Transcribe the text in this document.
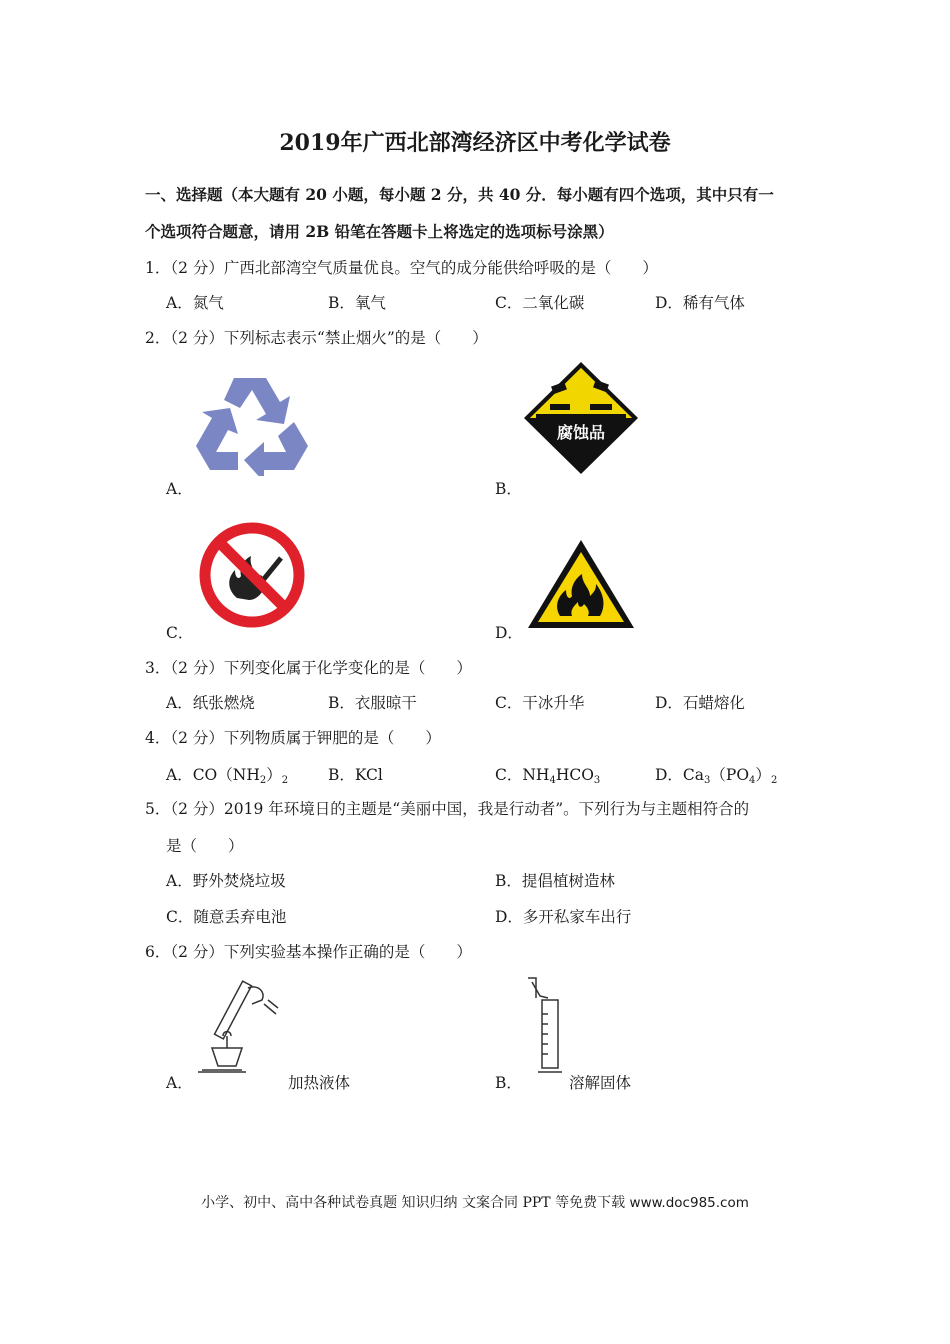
2019年广西北部湾经济区中考化学试卷
一、选择题（本大题有 20 小题，每小题 2 分，共 40 分．每小题有四个选项，其中只有一
个选项符合题意，请用 2B 铅笔在答题卡上将选定的选项标号涂黑）
1．（2 分）广西北部湾空气质量优良。空气的成分能供给呼吸的是（　　）
A．氮气	B．氧气	C．二氧化碳	D．稀有气体
2．（2 分）下列标志表示“禁止烟火”的是（　　）
A．
腐蚀品
B．
C．	D．
3．（2 分）下列变化属于化学变化的是（　　）
A．纸张燃烧	B．衣服晾干	C．干冰升华	D．石蜡熔化
4．（2 分）下列物质属于钾肥的是（　　）
A．$CO(NH_2)_2$	B．KCl	C．$NH_4HCO_3$	D．$Ca_3(PO_4)_2$
5．（2 分）2019 年环境日的主题是“美丽中国，我是行动者”。下列行为与主题相符合的
是（　　）
A．野外焚烧垃圾	B．提倡植树造林
C．随意丢弃电池	D．多开私家车出行
6．（2 分）下列实验基本操作正确的是（　　）
A．	加热液体	B．	溶解固体
小学、初中、高中各种试卷真题 知识归纳 文案合同 PPT 等免费下载 www.doc985.com
